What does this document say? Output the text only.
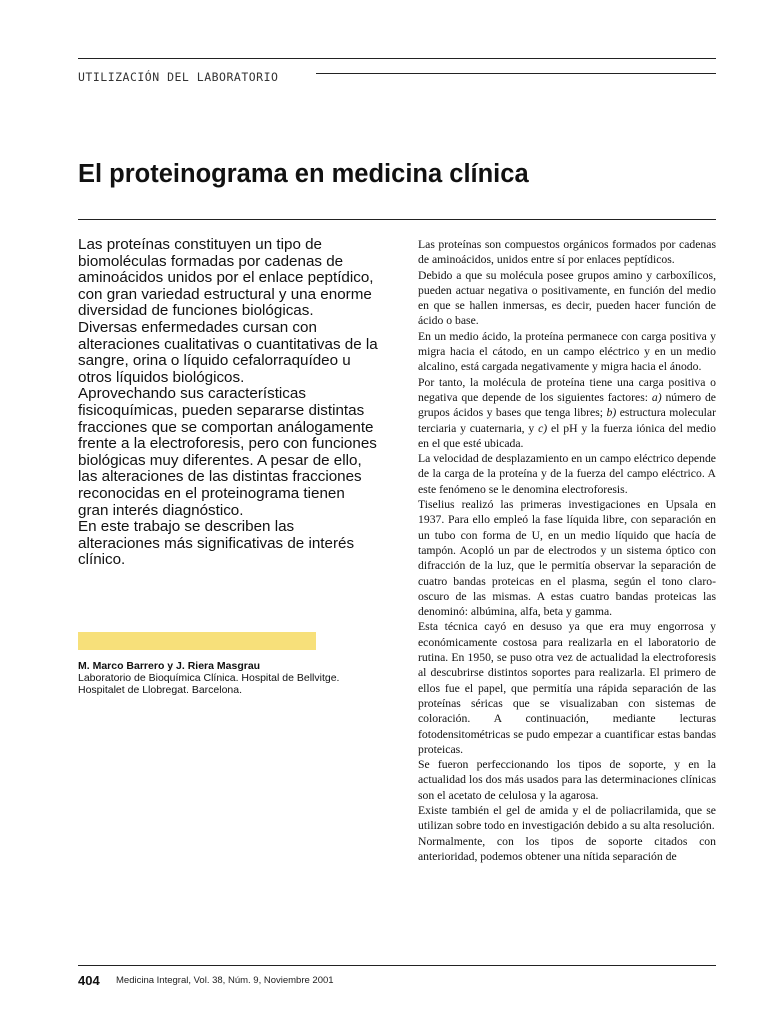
UTILIZACIÓN DEL LABORATORIO
El proteinograma en medicina clínica

Las proteínas constituyen un tipo de biomoléculas formadas por cadenas de aminoácidos unidos por el enlace peptídico, con gran variedad estructural y una enorme diversidad de funciones biológicas.

Diversas enfermedades cursan con alteraciones cualitativas o cuantitativas de la sangre, orina o líquido cefalorraquídeo u otros líquidos biológicos.

Aprovechando sus características fisicoquímicas, pueden separarse distintas fracciones que se comportan análogamente frente a la electroforesis, pero con funciones biológicas muy diferentes. A pesar de ello, las alteraciones de las distintas fracciones reconocidas en el proteinograma tienen gran interés diagnóstico.

En este trabajo se describen las alteraciones más significativas de interés clínico.

M. Marco Barrero y J. Riera Masgrau
Laboratorio de Bioquímica Clínica. Hospital de Bellvitge. Hospitalet de Llobregat. Barcelona.

Las proteínas son compuestos orgánicos formados por cadenas de aminoácidos, unidos entre sí por enlaces peptídicos.

Debido a que su molécula posee grupos amino y carboxílicos, pueden actuar negativa o positivamente, en función del medio en que se hallen inmersas, es decir, pueden hacer función de ácido o base.

En un medio ácido, la proteína permanece con carga positiva y migra hacia el cátodo, en un campo eléctrico y en un medio alcalino, está cargada negativamente y migra hacia el ánodo.

Por tanto, la molécula de proteína tiene una carga positiva o negativa que depende de los siguientes factores: a) número de grupos ácidos y bases que tenga libres; b) estructura molecular terciaria y cuaternaria, y c) el pH y la fuerza iónica del medio en el que esté ubicada.

La velocidad de desplazamiento en un campo eléctrico depende de la carga de la proteína y de la fuerza del campo eléctrico. A este fenómeno se le denomina electroforesis.

Tiselius realizó las primeras investigaciones en Upsala en 1937. Para ello empleó la fase líquida libre, con separación en un tubo con forma de U, en un medio líquido que hacía de tampón. Acopló un par de electrodos y un sistema óptico con difracción de la luz, que le permitía observar la separación de cuatro bandas proteicas en el plasma, según el tono claro-oscuro de las mismas. A estas cuatro bandas proteicas las denominó: albúmina, alfa, beta y gamma.

Esta técnica cayó en desuso ya que era muy engorrosa y económicamente costosa para realizarla en el laboratorio de rutina. En 1950, se puso otra vez de actualidad la electroforesis al descubrirse distintos soportes para realizarla. El primero de ellos fue el papel, que permitía una rápida separación de las proteínas séricas que se visualizaban con sistemas de coloración. A continuación, mediante lecturas fotodensitométricas se pudo empezar a cuantificar estas bandas proteicas.

Se fueron perfeccionando los tipos de soporte, y en la actualidad los dos más usados para las determinaciones clínicas son el acetato de celulosa y la agarosa.

Existe también el gel de amida y el de poliacrilamida, que se utilizan sobre todo en investigación debido a su alta resolución.

Normalmente, con los tipos de soporte citados con anterioridad, podemos obtener una nítida separación de

404 Medicina Integral, Vol. 38, Núm. 9, Noviembre 2001
